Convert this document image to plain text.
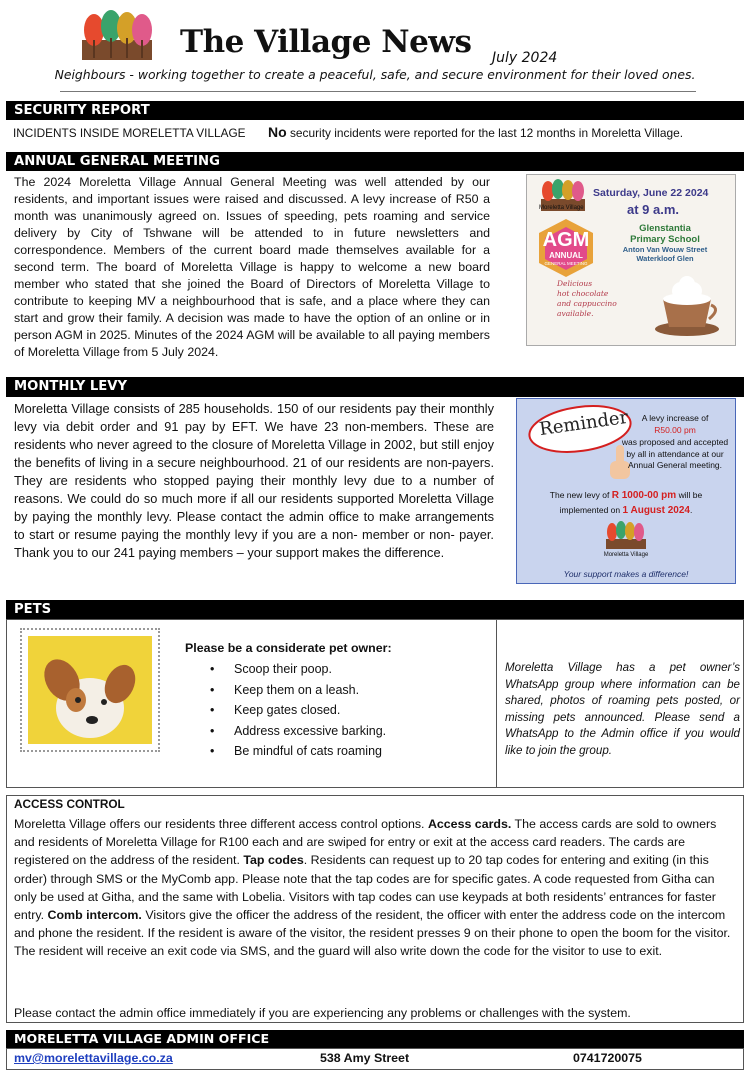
The Village News July 2024
Neighbours - working together to create a peaceful, safe, and secure environment for their loved ones.
SECURITY REPORT
INCIDENTS INSIDE MORELETTA VILLAGE No security incidents were reported for the last 12 months in Moreletta Village.
ANNUAL GENERAL MEETING
The 2024 Moreletta Village Annual General Meeting was well attended by our residents, and important issues were raised and discussed. A levy increase of R50 a month was unanimously agreed on. Issues of speeding, pets roaming and service delivery by City of Tshwane will be attended to in future newsletters and correspondence. Members of the current board made themselves available for a second term. The board of Moreletta Village is happy to welcome a new board member who stated that she joined the Board of Directors of Moreletta Village to contribute to keeping MV a neighbourhood that is safe, and a place where they can start and grow their family. A decision was made to have the option of an online or in person AGM in 2025. Minutes of the 2024 AGM will be available to all paying members of Moreletta Village from 5 July 2024.
Moreletta Village
Saturday, June 22 2024
at 9 a.m.
AGM
ANNUAL
GENERAL MEETING
Glenstantia
Primary School
Anton Van Wouw Street
Waterkloof Glen
Delicious
hot chocolate
and cappuccino
available.
MONTHLY LEVY
Moreletta Village consists of 285 households. 150 of our residents pay their monthly levy via debit order and 91 pay by EFT. We have 23 non-members. These are residents who never agreed to the closure of Moreletta Village in 2002, but still enjoy the benefits of living in a secure neighbourhood. 21 of our residents are non-payers. They are residents who stopped paying their monthly levy due to a number of reasons. We could do so much more if all our residents supported Moreletta Village by paying the monthly levy. Please contact the admin office to make arrangements to start or resume paying the monthly levy if you are a non- member or non- payer. Thank you to our 241 paying members – your support makes the difference.
Reminder	A levy increase of
R50.00 pm
was proposed and accepted
by all in attendance at our
Annual General meeting.
The new levy of R 1000-00 pm will be
implemented on 1 August 2024.
Moreletta Village
Your support makes a difference!
PETS
Please be a considerate pet owner:
• Scoop their poop.
• Keep them on a leash.
• Keep gates closed.
• Address excessive barking.
• Be mindful of cats roaming
Moreletta Village has a pet owner’s WhatsApp group where information can be shared, photos of roaming pets posted, or missing pets announced. Please send a WhatsApp to the Admin office if you would like to join the group.
ACCESS CONTROL
Moreletta Village offers our residents three different access control options. Access cards. The access cards are sold to owners and residents of Moreletta Village for R100 each and are swiped for entry or exit at the access card readers. The cards are registered on the address of the resident. Tap codes. Residents can request up to 20 tap codes for entering and exiting (in this order) through SMS or the MyComb app. Please note that the tap codes are for specific gates. A code requested from Githa can only be used at Githa, and the same with Lobelia. Visitors with tap codes can use keypads at both residents’ entrances for faster entry. Comb intercom. Visitors give the officer the address of the resident, the officer with enter the address code on the intercom and phone the resident. If the resident is aware of the visitor, the resident presses 9 on their phone to open the boom for the visitor. The resident will receive an exit code via SMS, and the guard will also write down the code for the visitor to use to exit.
Please contact the admin office immediately if you are experiencing any problems or challenges with the system.
MORELETTA VILLAGE ADMIN OFFICE
mv@morelettavillage.co.za	538 Amy Street	0741720075
